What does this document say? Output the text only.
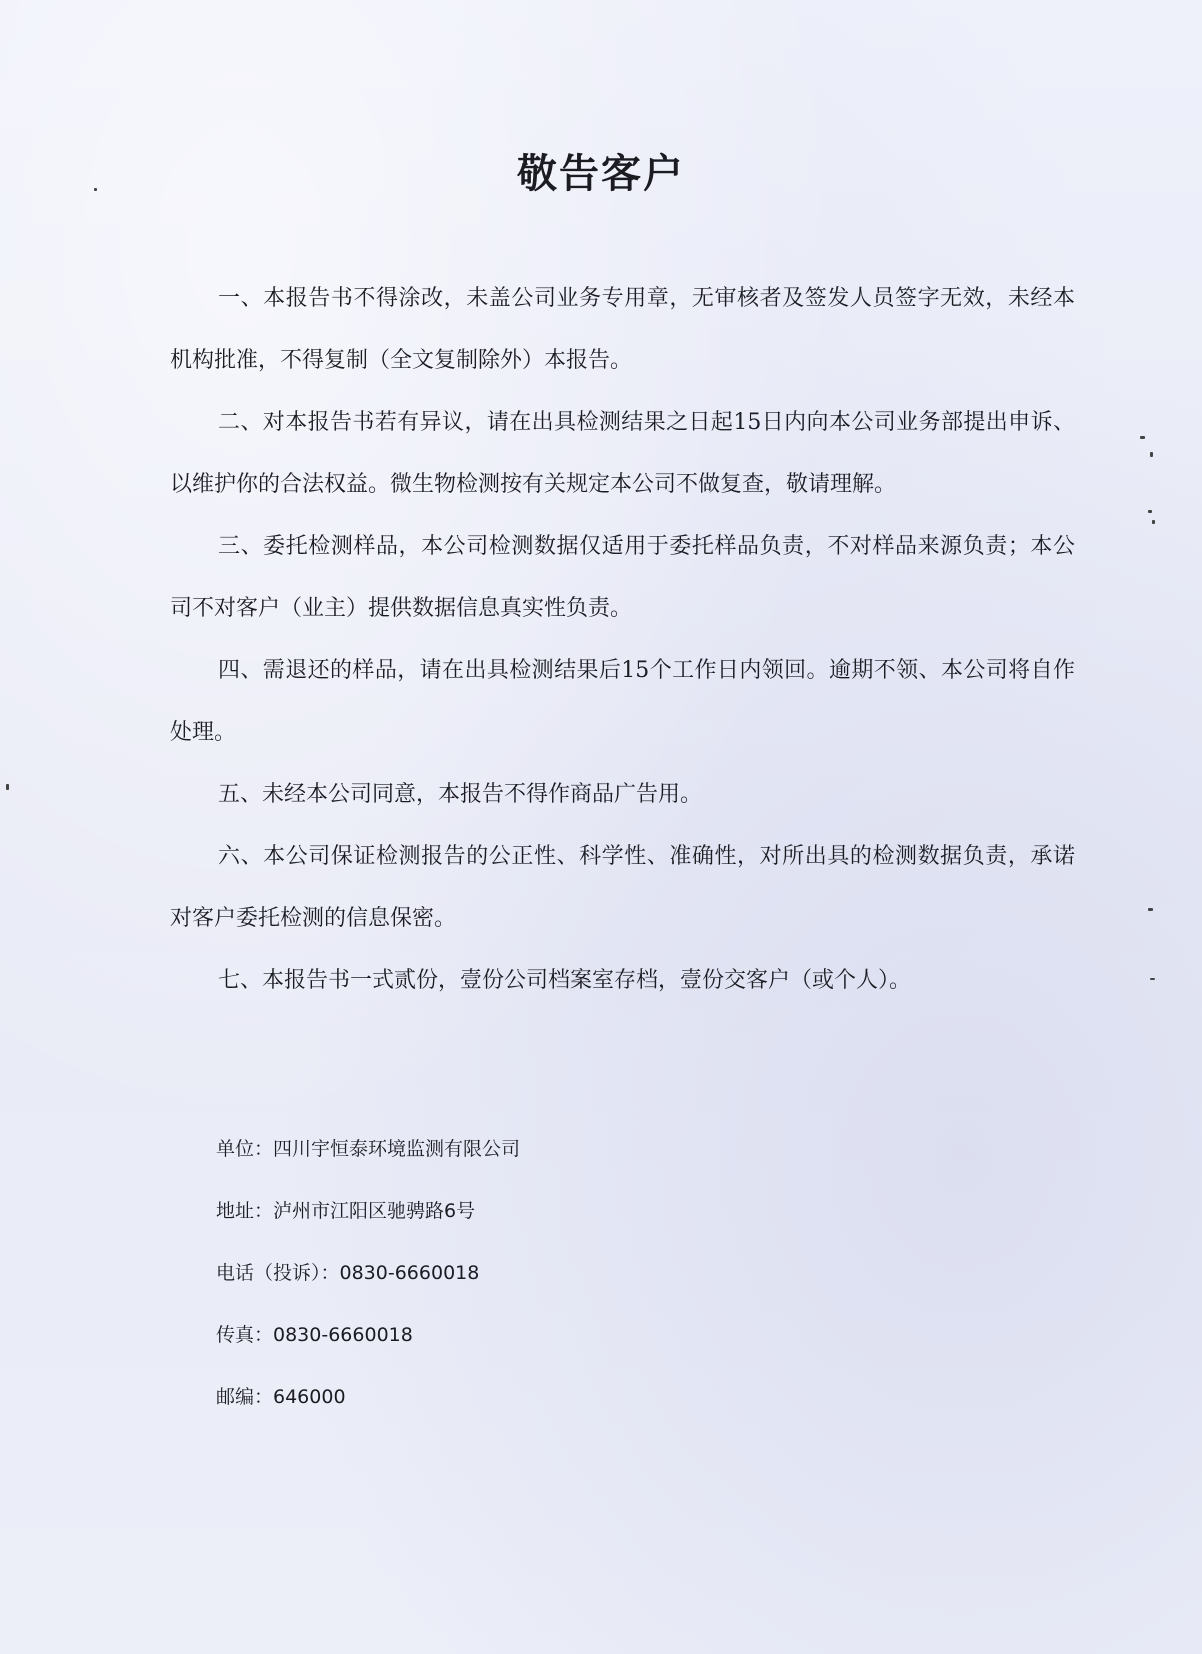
敬告客户

一、本报告书不得涂改，未盖公司业务专用章，无审核者及签发人员签字无效，未经本机构批准，不得复制（全文复制除外）本报告。

二、对本报告书若有异议，请在出具检测结果之日起15日内向本公司业务部提出申诉、以维护你的合法权益。微生物检测按有关规定本公司不做复查，敬请理解。

三、委托检测样品，本公司检测数据仅适用于委托样品负责，不对样品来源负责；本公司不对客户（业主）提供数据信息真实性负责。

四、需退还的样品，请在出具检测结果后15个工作日内领回。逾期不领、本公司将自作处理。

五、未经本公司同意，本报告不得作商品广告用。

六、本公司保证检测报告的公正性、科学性、准确性，对所出具的检测数据负责，承诺对客户委托检测的信息保密。

七、本报告书一式贰份，壹份公司档案室存档，壹份交客户（或个人）。

单位：四川宇恒泰环境监测有限公司

地址：泸州市江阳区驰骋路6号

电话（投诉）：0830-6660018

传真：0830-6660018

邮编：646000
